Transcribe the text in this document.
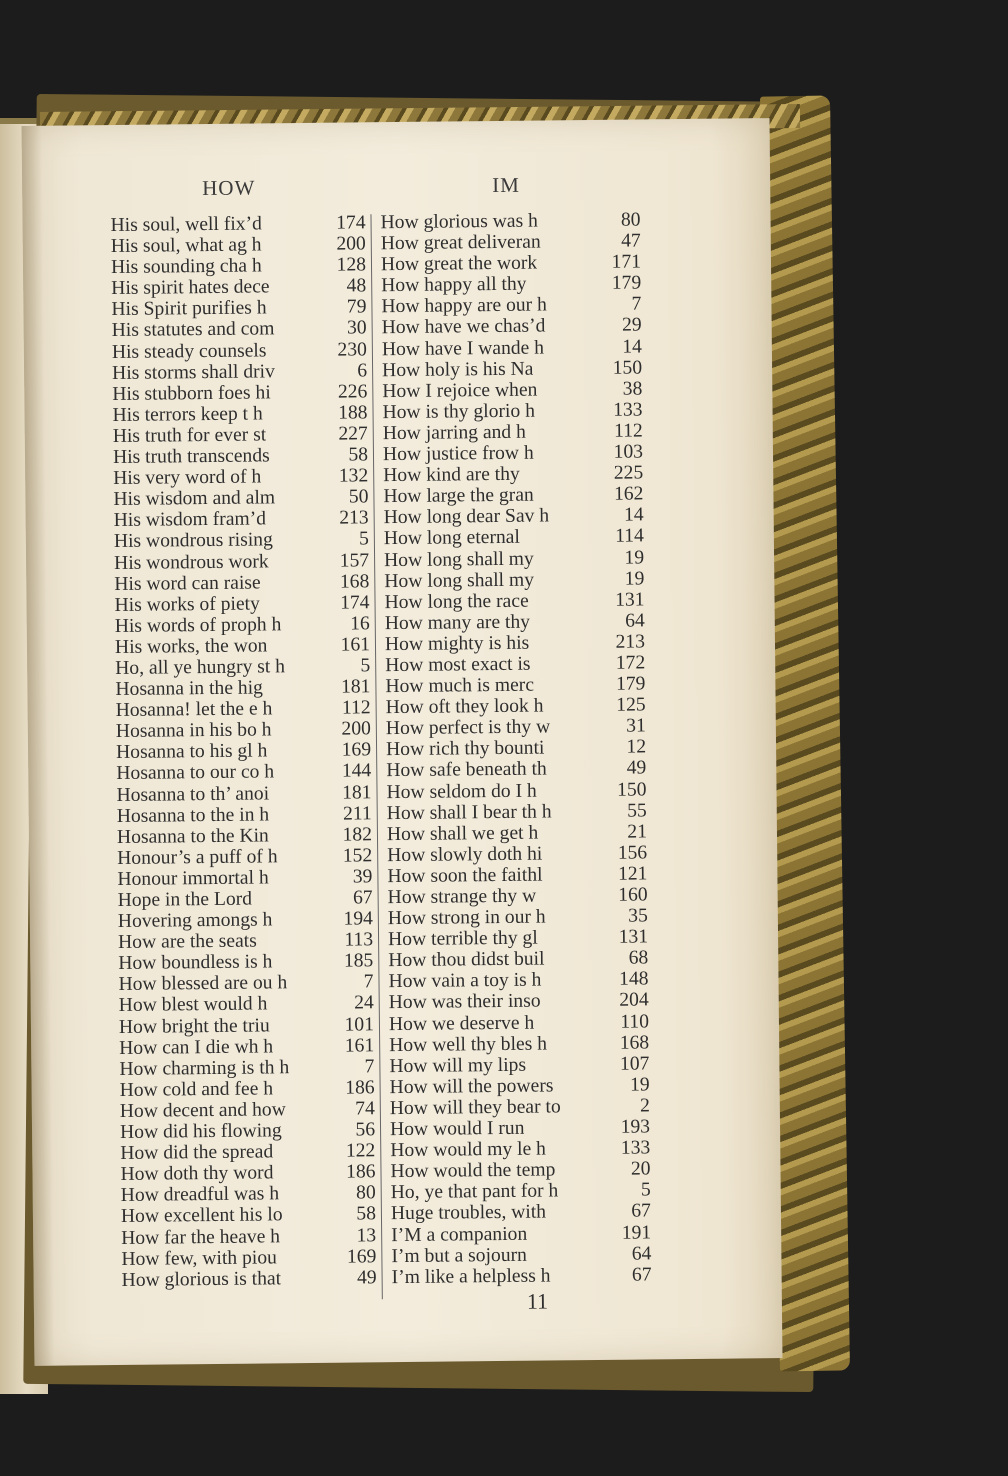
HOW	IM
His soul, well fix’d	174
His soul, what ag h	200
His sounding cha h	128
His spirit hates dece	48
His Spirit purifies h	79
His statutes and com	30
His steady counsels	230
His storms shall driv	6
His stubborn foes hi	226
His terrors keep t h	188
His truth for ever st	227
His truth transcends	58
His very word of h	132
His wisdom and alm	50
His wisdom fram’d	213
His wondrous rising	5
His wondrous work	157
His word can raise	168
His works of piety	174
His words of proph h	16
His works, the won	161
Ho, all ye hungry st h	5
Hosanna in the hig	181
Hosanna! let the e h	112
Hosanna in his bo h	200
Hosanna to his gl h	169
Hosanna to our co h	144
Hosanna to th’ anoi	181
Hosanna to the in h	211
Hosanna to the Kin	182
Honour’s a puff of h	152
Honour immortal h	39
Hope in the Lord	67
Hovering amongs h	194
How are the seats	113
How boundless is h	185
How blessed are ou h	7
How blest would h	24
How bright the triu	101
How can I die wh h	161
How charming is th h	7
How cold and fee h	186
How decent and how	74
How did his flowing	56
How did the spread	122
How doth thy word	186
How dreadful was h	80
How excellent his lo	58
How far the heave h	13
How few, with piou	169
How glorious is that	49
How glorious was h	80
How great deliveran	47
How great the work	171
How happy all thy	179
How happy are our h	7
How have we chas’d	29
How have I wande h	14
How holy is his Na	150
How I rejoice when	38
How is thy glorio h	133
How jarring and h	112
How justice frow h	103
How kind are thy	225
How large the gran	162
How long dear Sav h	14
How long eternal	114
How long shall my	19
How long shall my	19
How long the race	131
How many are thy	64
How mighty is his	213
How most exact is	172
How much is merc	179
How oft they look h	125
How perfect is thy w	31
How rich thy bounti	12
How safe beneath th	49
How seldom do I h	150
How shall I bear th h	55
How shall we get h	21
How slowly doth hi	156
How soon the faithl	121
How strange thy w	160
How strong in our h	35
How terrible thy gl	131
How thou didst buil	68
How vain a toy is h	148
How was their inso	204
How we deserve h	110
How well thy bles h	168
How will my lips	107
How will the powers	19
How will they bear to	2
How would I run	193
How would my le h	133
How would the temp	20
Ho, ye that pant for h	5
Huge troubles, with	67
I’M a companion	191
I’m but a sojourn	64
I’m like a helpless h	67
11
